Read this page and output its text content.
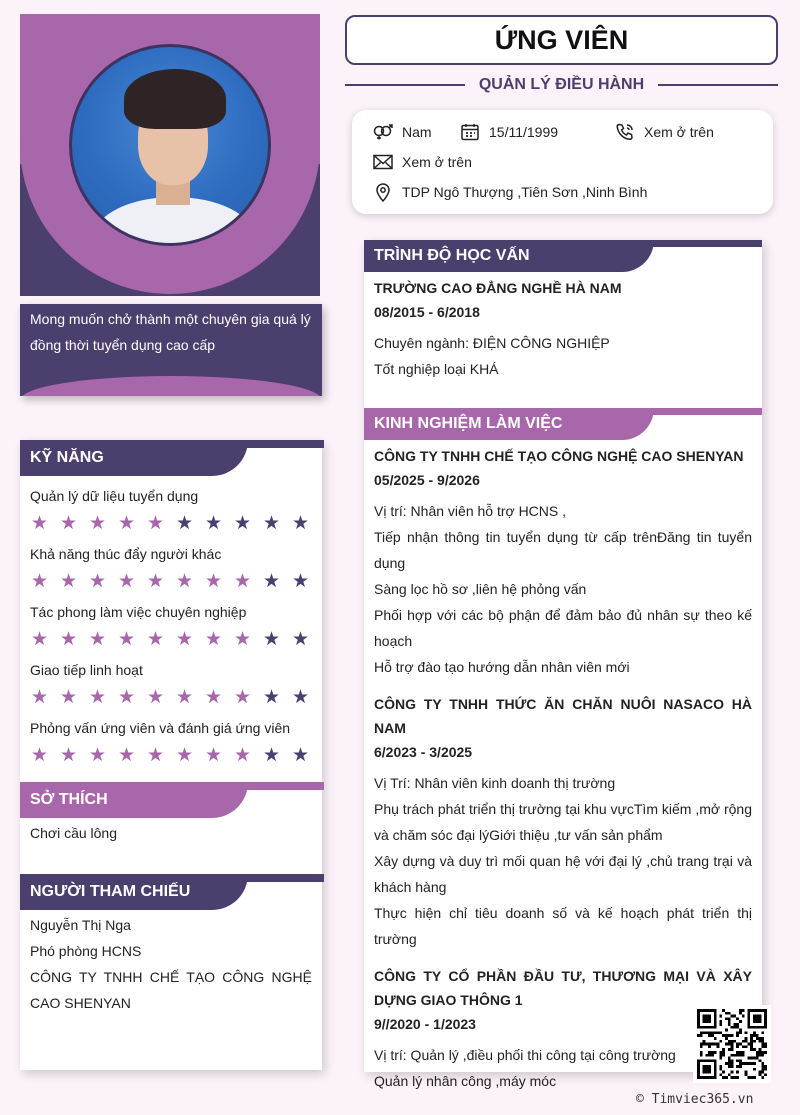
Mong muốn chở thành một chuyên gia quá lý đồng thời tuyển dụng cao cấp

KỸ NĂNG
Quản lý dữ liệu tuyển dụng
★ ★ ★ ★ ★ ★ ★ ★ ★ ★
Khả năng thúc đẩy người khác
★ ★ ★ ★ ★ ★ ★ ★ ★ ★
Tác phong làm việc chuyên nghiệp
★ ★ ★ ★ ★ ★ ★ ★ ★ ★
Giao tiếp linh hoạt
★ ★ ★ ★ ★ ★ ★ ★ ★ ★
Phỏng vấn ứng viên và đánh giá ứng viên
★ ★ ★ ★ ★ ★ ★ ★ ★ ★
SỞ THÍCH
Chơi cầu lông
NGƯỜI THAM CHIẾU
Nguyễn Thị Nga
Phó phòng HCNS
CÔNG TY TNHH CHẾ TẠO CÔNG NGHỆ CAO SHENYAN
ỨNG VIÊN
QUẢN LÝ ĐIỀU HÀNH
Nam	15/11/1999	Xem ở trên
Xem ở trên
TDP Ngô Thượng ,Tiên Sơn ,Ninh Bình
TRÌNH ĐỘ HỌC VẤN
TRƯỜNG CAO ĐẲNG NGHỀ HÀ NAM
08/2015 - 6/2018
Chuyên ngành: ĐIỆN CÔNG NGHIỆP
Tốt nghiệp loại KHÁ
KINH NGHIỆM LÀM VIỆC
CÔNG TY TNHH CHẾ TẠO CÔNG NGHỆ CAO SHENYAN
05/2025 - 9/2026
Vị trí: Nhân viên hỗ trợ HCNS ,
Tiếp nhận thông tin tuyển dụng từ cấp trênĐăng tin tuyển dụng
Sàng lọc hồ sơ ,liên hệ phỏng vấn
Phối hợp với các bộ phận để đảm bảo đủ nhân sự theo kế hoạch
Hỗ trợ đào tạo hướng dẫn nhân viên mới
CÔNG TY TNHH THỨC ĂN CHĂN NUÔI NASACO HÀ NAM
6/2023 - 3/2025
Vị Trí: Nhân viên kinh doanh thị trường
Phụ trách phát triển thị trường tại khu vựcTìm kiếm ,mở rộng và chăm sóc đại lýGiới thiệu ,tư vấn sản phẩm
Xây dựng và duy trì mối quan hệ với đại lý ,chủ trang trại và khách hàng
Thực hiện chỉ tiêu doanh số và kế hoạch phát triển thị trường
CÔNG TY CỔ PHẦN ĐẦU TƯ, THƯƠNG MẠI VÀ XÂY DỰNG GIAO THÔNG 1
9//2020 - 1/2023
Vị trí: Quản lý ,điều phối thi công tại công trường
Quản lý nhân công ,máy móc
© Timviec365.vn
